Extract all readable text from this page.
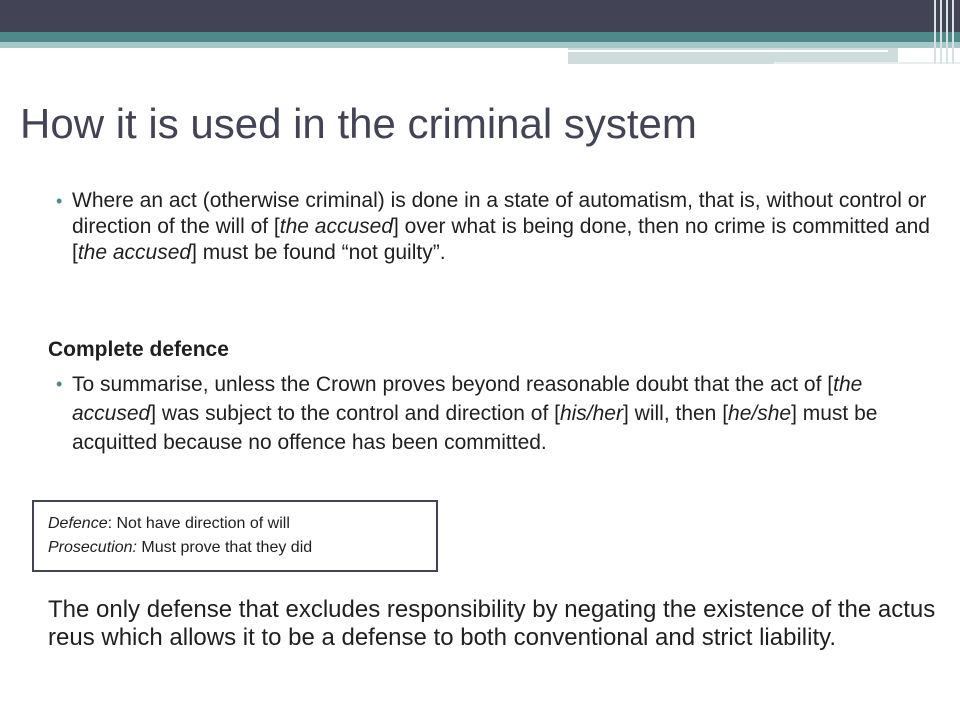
How it is used in the criminal system
• Where an act (otherwise criminal) is done in a state of automatism, that is, without control or direction of the will of [the accused] over what is being done, then no crime is committed and [the accused] must be found “not guilty”.

Complete defence

• To summarise, unless the Crown proves beyond reasonable doubt that the act of [the accused] was subject to the control and direction of [his/her] will, then [he/she] must be acquitted because no offence has been committed.
Defence: Not have direction of will
Prosecution: Must prove that they did

The only defense that excludes responsibility by negating the existence of the actus reus which allows it to be a defense to both conventional and strict liability.
